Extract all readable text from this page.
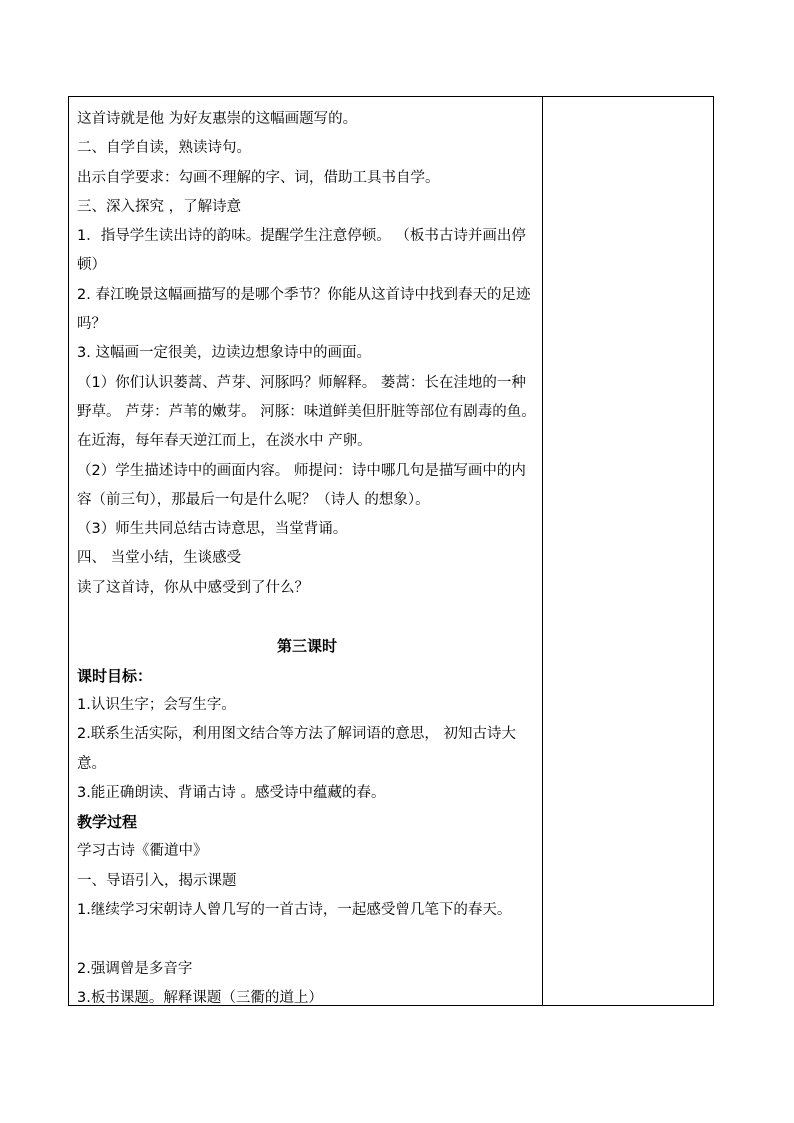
这首诗就是他 为好友惠崇的这幅画题写的。
二、自学自读，熟读诗句。
出示自学要求：勾画不理解的字、词，借助工具书自学。
三、深入探究 ，了解诗意
1．指导学生读出诗的韵味。提醒学生注意停顿。 （板书古诗并画出停顿）
2. 春江晚景这幅画描写的是哪个季节？你能从这首诗中找到春天的足迹吗？
3. 这幅画一定很美，边读边想象诗中的画面。
（1）你们认识蒌蒿、芦芽、河豚吗？师解释。 蒌蒿：长在洼地的一种野草。 芦芽：芦苇的嫩芽。 河豚：味道鲜美但肝脏等部位有剧毒的鱼。在近海，每年春天逆江而上，在淡水中 产卵。
（2）学生描述诗中的画面内容。 师提问：诗中哪几句是描写画中的内容（前三句），那最后一句是什么呢？（诗人 的想象）。
（3）师生共同总结古诗意思，当堂背诵。
四、 当堂小结，生谈感受
读了这首诗，你从中感受到了什么？
第三课时
课时目标：
1.认识生字；会写生字。
2.联系生活实际，利用图文结合等方法了解词语的意思， 初知古诗大意。
3.能正确朗读、背诵古诗 。感受诗中蕴藏的春。
教学过程
学习古诗《衢道中》
一、导语引入，揭示课题
1.继续学习宋朝诗人曾几写的一首古诗，一起感受曾几笔下的春天。
2.强调曾是多音字
3.板书课题。解释课题（三衢的道上）
